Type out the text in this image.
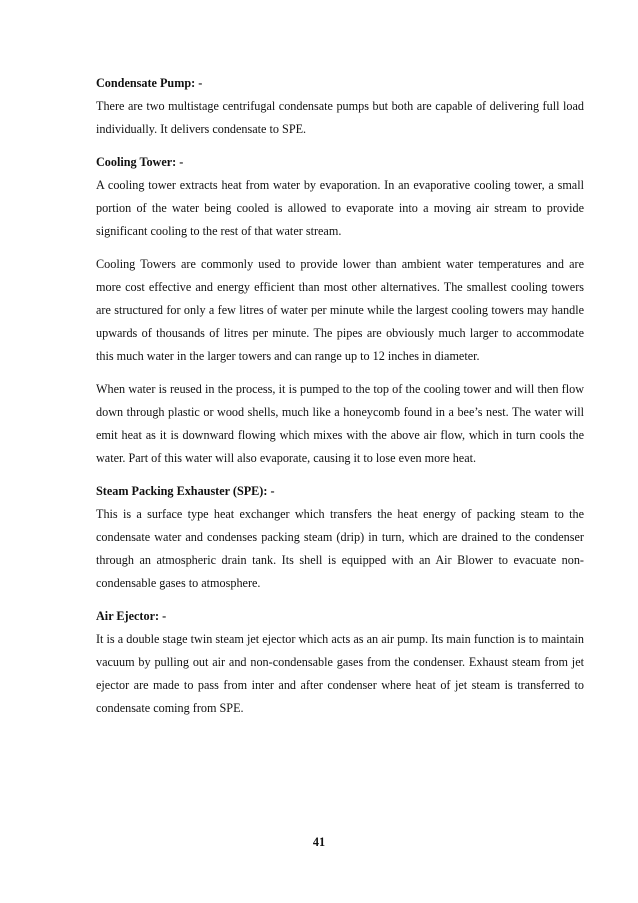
Condensate Pump: -

There are two multistage centrifugal condensate pumps but both are capable of delivering full load individually. It delivers condensate to SPE.

Cooling Tower: -

A cooling tower extracts heat from water by evaporation. In an evaporative cooling tower, a small portion of the water being cooled is allowed to evaporate into a moving air stream to provide significant cooling to the rest of that water stream.

Cooling Towers are commonly used to provide lower than ambient water temperatures and are more cost effective and energy efficient than most other alternatives. The smallest cooling towers are structured for only a few litres of water per minute while the largest cooling towers may handle upwards of thousands of litres per minute. The pipes are obviously much larger to accommodate this much water in the larger towers and can range up to 12 inches in diameter.

When water is reused in the process, it is pumped to the top of the cooling tower and will then flow down through plastic or wood shells, much like a honeycomb found in a bee’s nest. The water will emit heat as it is downward flowing which mixes with the above air flow, which in turn cools the water. Part of this water will also evaporate, causing it to lose even more heat.

Steam Packing Exhauster (SPE): -

This is a surface type heat exchanger which transfers the heat energy of packing steam to the condensate water and condenses packing steam (drip) in turn, which are drained to the condenser through an atmospheric drain tank. Its shell is equipped with an Air Blower to evacuate non-condensable gases to atmosphere.

Air Ejector: -

It is a double stage twin steam jet ejector which acts as an air pump. Its main function is to maintain vacuum by pulling out air and non-condensable gases from the condenser. Exhaust steam from jet ejector are made to pass from inter and after condenser where heat of jet steam is transferred to condensate coming from SPE.

41
